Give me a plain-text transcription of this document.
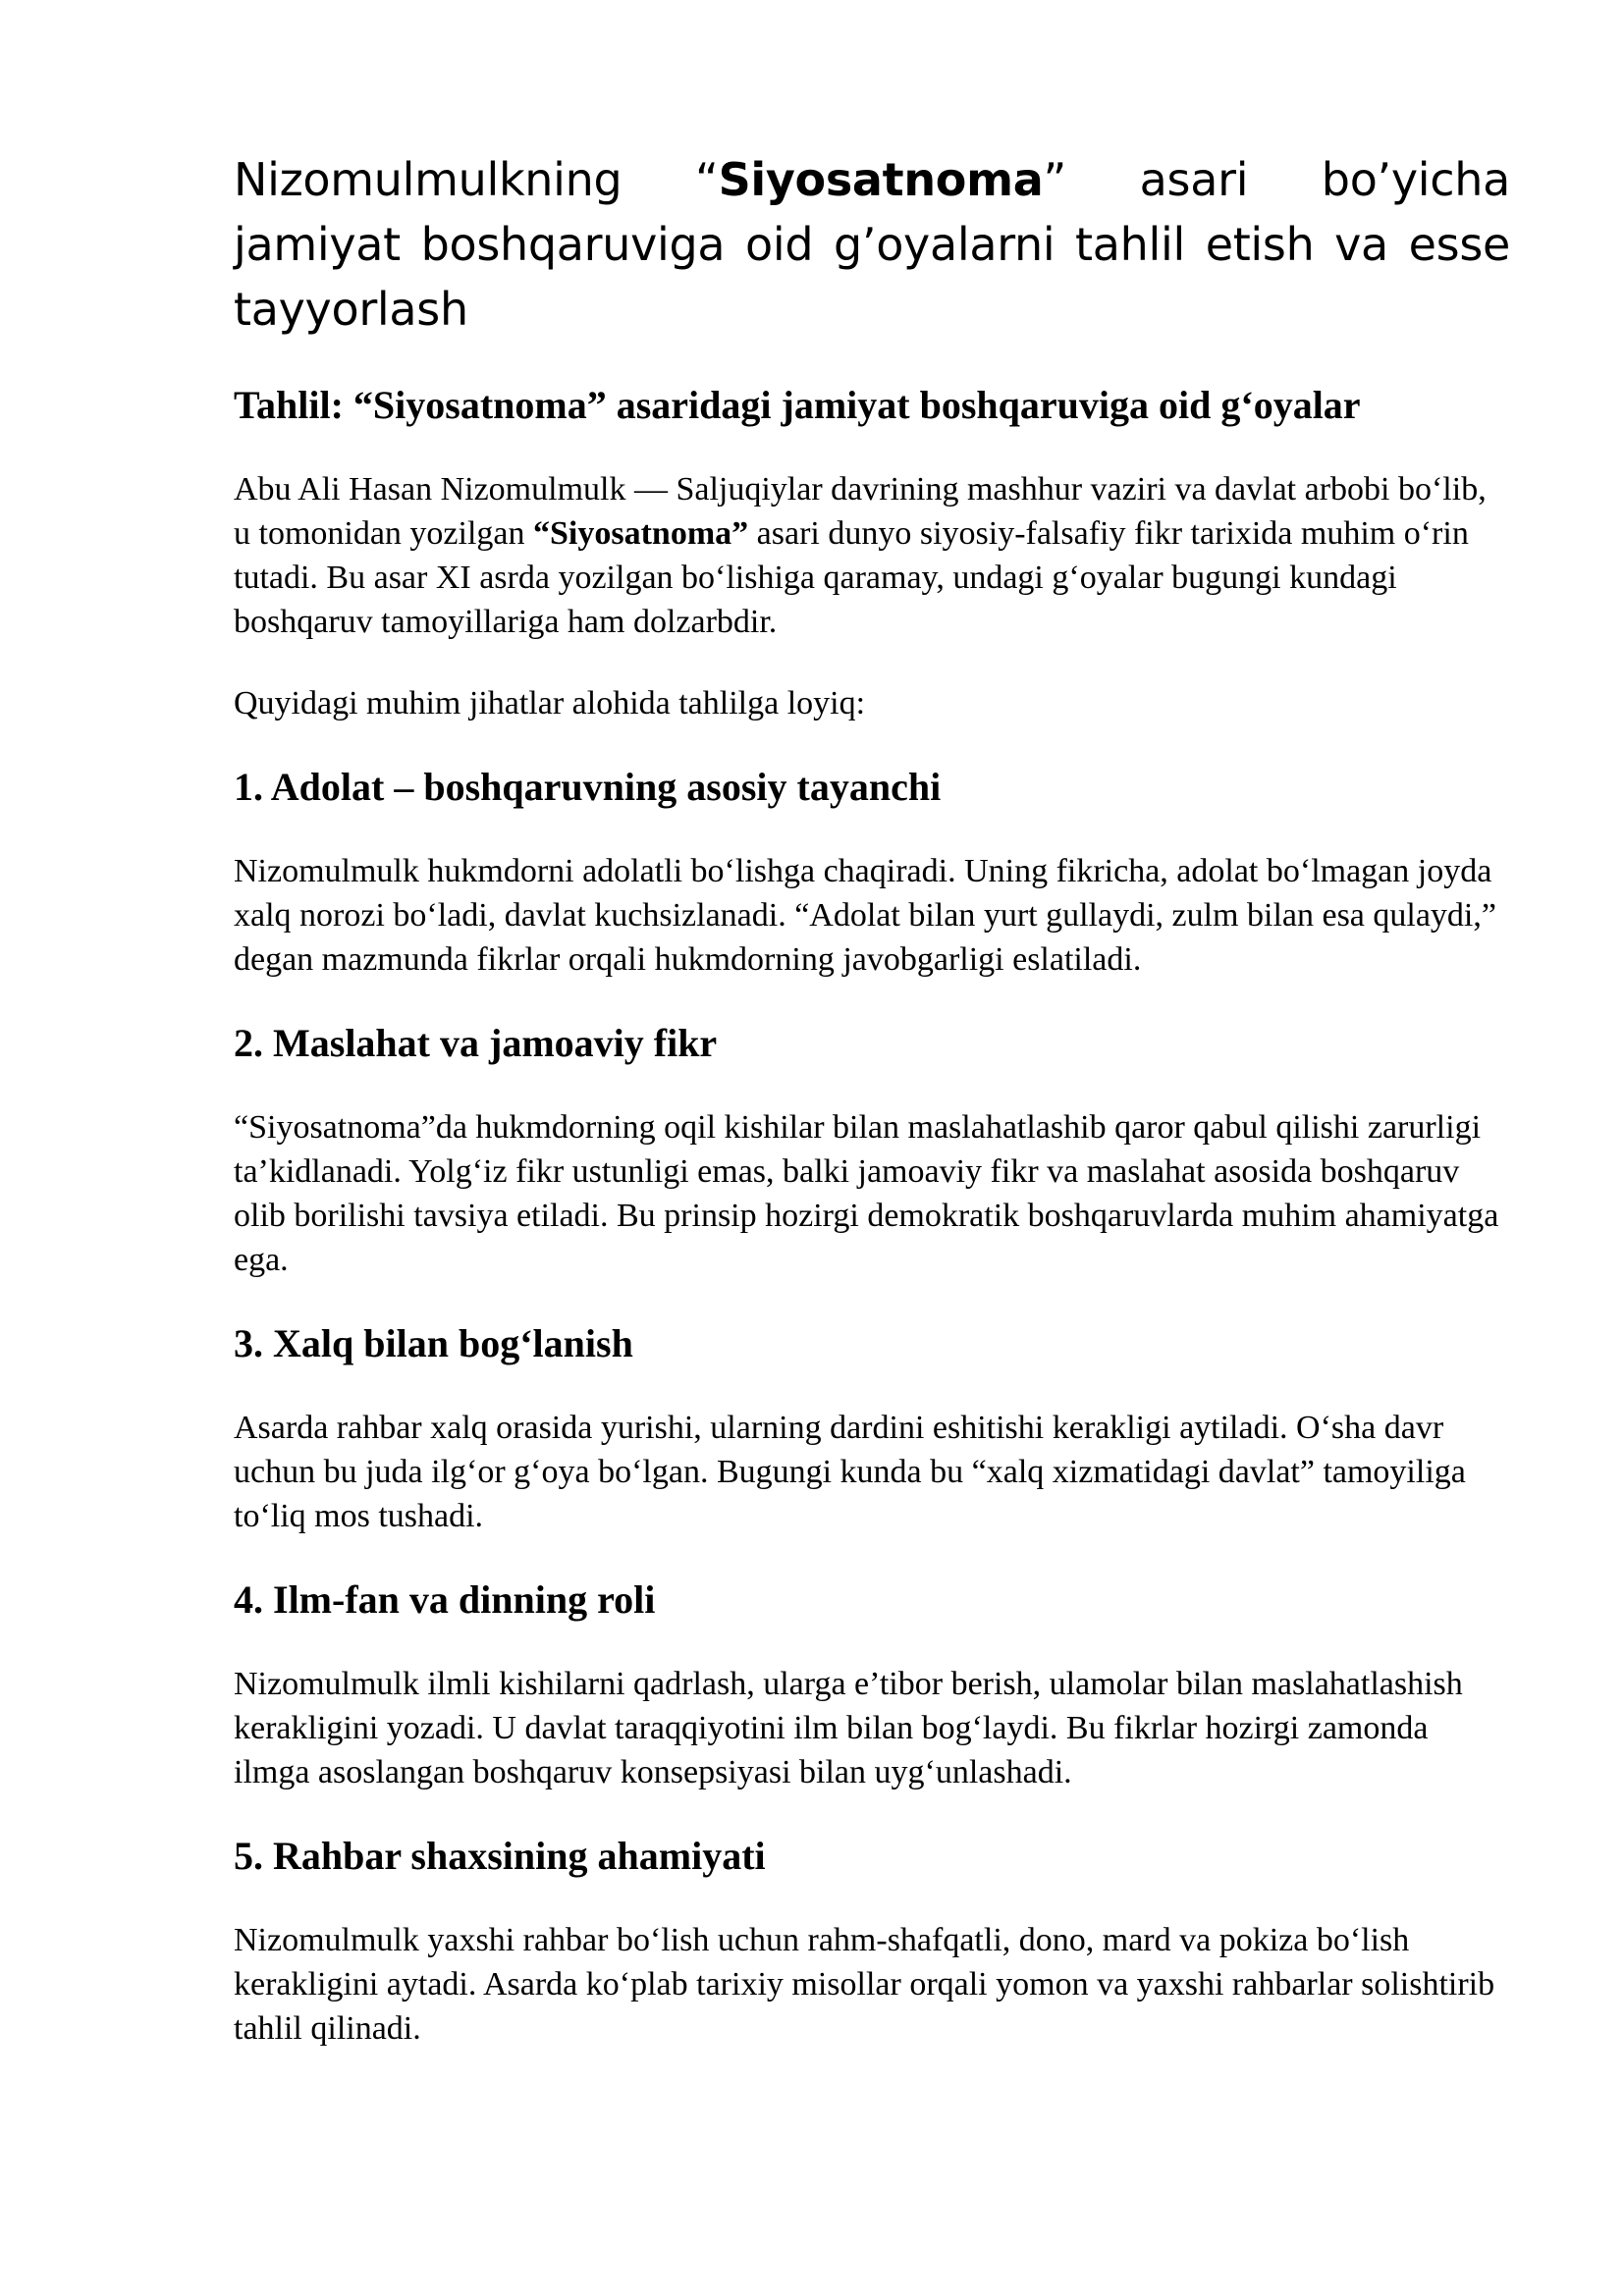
Nizomulmulkning “Siyosatnoma” asari bo’yicha jamiyat boshqaruviga oid g’oyalarni tahlil etish va esse tayyorlash
Tahlil: “Siyosatnoma” asaridagi jamiyat boshqaruviga oid g‘oyalar

Abu Ali Hasan Nizomulmulk — Saljuqiylar davrining mashhur vaziri va davlat arbobi bo‘lib, u tomonidan yozilgan “Siyosatnoma” asari dunyo siyosiy-falsafiy fikr tarixida muhim o‘rin tutadi. Bu asar XI asrda yozilgan bo‘lishiga qaramay, undagi g‘oyalar bugungi kundagi boshqaruv tamoyillariga ham dolzarbdir.

Quyidagi muhim jihatlar alohida tahlilga loyiq:

1. Adolat – boshqaruvning asosiy tayanchi

Nizomulmulk hukmdorni adolatli bo‘lishga chaqiradi. Uning fikricha, adolat bo‘lmagan joyda xalq norozi bo‘ladi, davlat kuchsizlanadi. “Adolat bilan yurt gullaydi, zulm bilan esa qulaydi,” degan mazmunda fikrlar orqali hukmdorning javobgarligi eslatiladi.

2. Maslahat va jamoaviy fikr

“Siyosatnoma”da hukmdorning oqil kishilar bilan maslahatlashib qaror qabul qilishi zarurligi ta’kidlanadi. Yolg‘iz fikr ustunligi emas, balki jamoaviy fikr va maslahat asosida boshqaruv olib borilishi tavsiya etiladi. Bu prinsip hozirgi demokratik boshqaruvlarda muhim ahamiyatga ega.

3. Xalq bilan bog‘lanish

Asarda rahbar xalq orasida yurishi, ularning dardini eshitishi kerakligi aytiladi. O‘sha davr uchun bu juda ilg‘or g‘oya bo‘lgan. Bugungi kunda bu “xalq xizmatidagi davlat” tamoyiliga to‘liq mos tushadi.

4. Ilm-fan va dinning roli

Nizomulmulk ilmli kishilarni qadrlash, ularga e’tibor berish, ulamolar bilan maslahatlashish kerakligini yozadi. U davlat taraqqiyotini ilm bilan bog‘laydi. Bu fikrlar hozirgi zamonda ilmga asoslangan boshqaruv konsepsiyasi bilan uyg‘unlashadi.

5. Rahbar shaxsining ahamiyati

Nizomulmulk yaxshi rahbar bo‘lish uchun rahm-shafqatli, dono, mard va pokiza bo‘lish kerakligini aytadi. Asarda ko‘plab tarixiy misollar orqali yomon va yaxshi rahbarlar solishtirib tahlil qilinadi.
